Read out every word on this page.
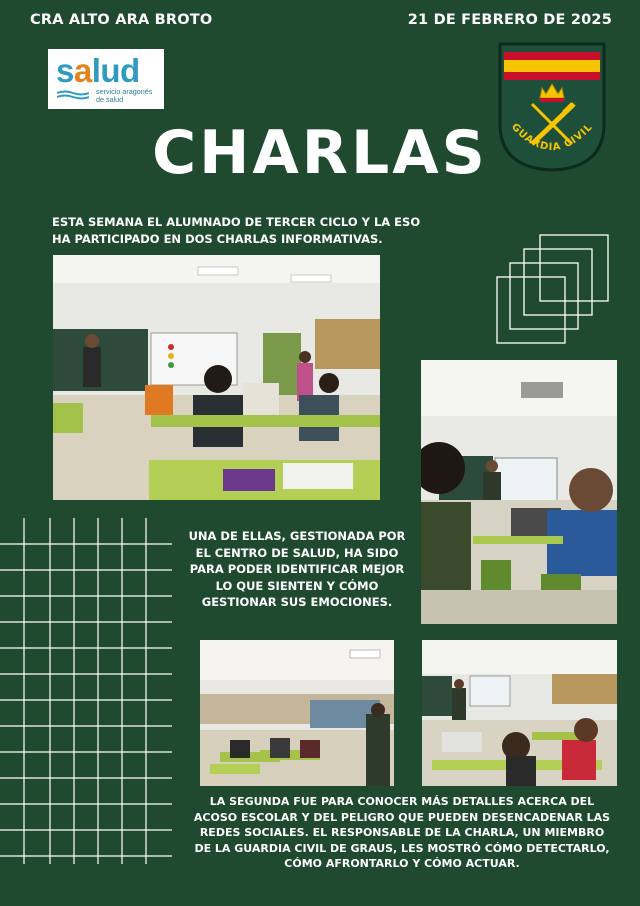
CRA ALTO ARA BROTO	21 DE FEBRERO DE 2025
salud
servicio aragonés
de salud
GUARDIA CIVIL
CHARLAS
ESTA SEMANA EL ALUMNADO DE TERCER CICLO Y LA ESO HA PARTICIPADO EN DOS CHARLAS INFORMATIVAS.
UNA DE ELLAS, GESTIONADA POR EL CENTRO DE SALUD, HA SIDO PARA PODER IDENTIFICAR MEJOR LO QUE SIENTEN Y CÓMO GESTIONAR SUS EMOCIONES.
LA SEGUNDA FUE PARA CONOCER MÁS DETALLES ACERCA DEL ACOSO ESCOLAR Y DEL PELIGRO QUE PUEDEN DESENCADENAR LAS REDES SOCIALES. EL RESPONSABLE DE LA CHARLA, UN MIEMBRO DE LA GUARDIA CIVIL DE GRAUS, LES MOSTRÓ CÓMO DETECTARLO, CÓMO AFRONTARLO Y CÓMO ACTUAR.
